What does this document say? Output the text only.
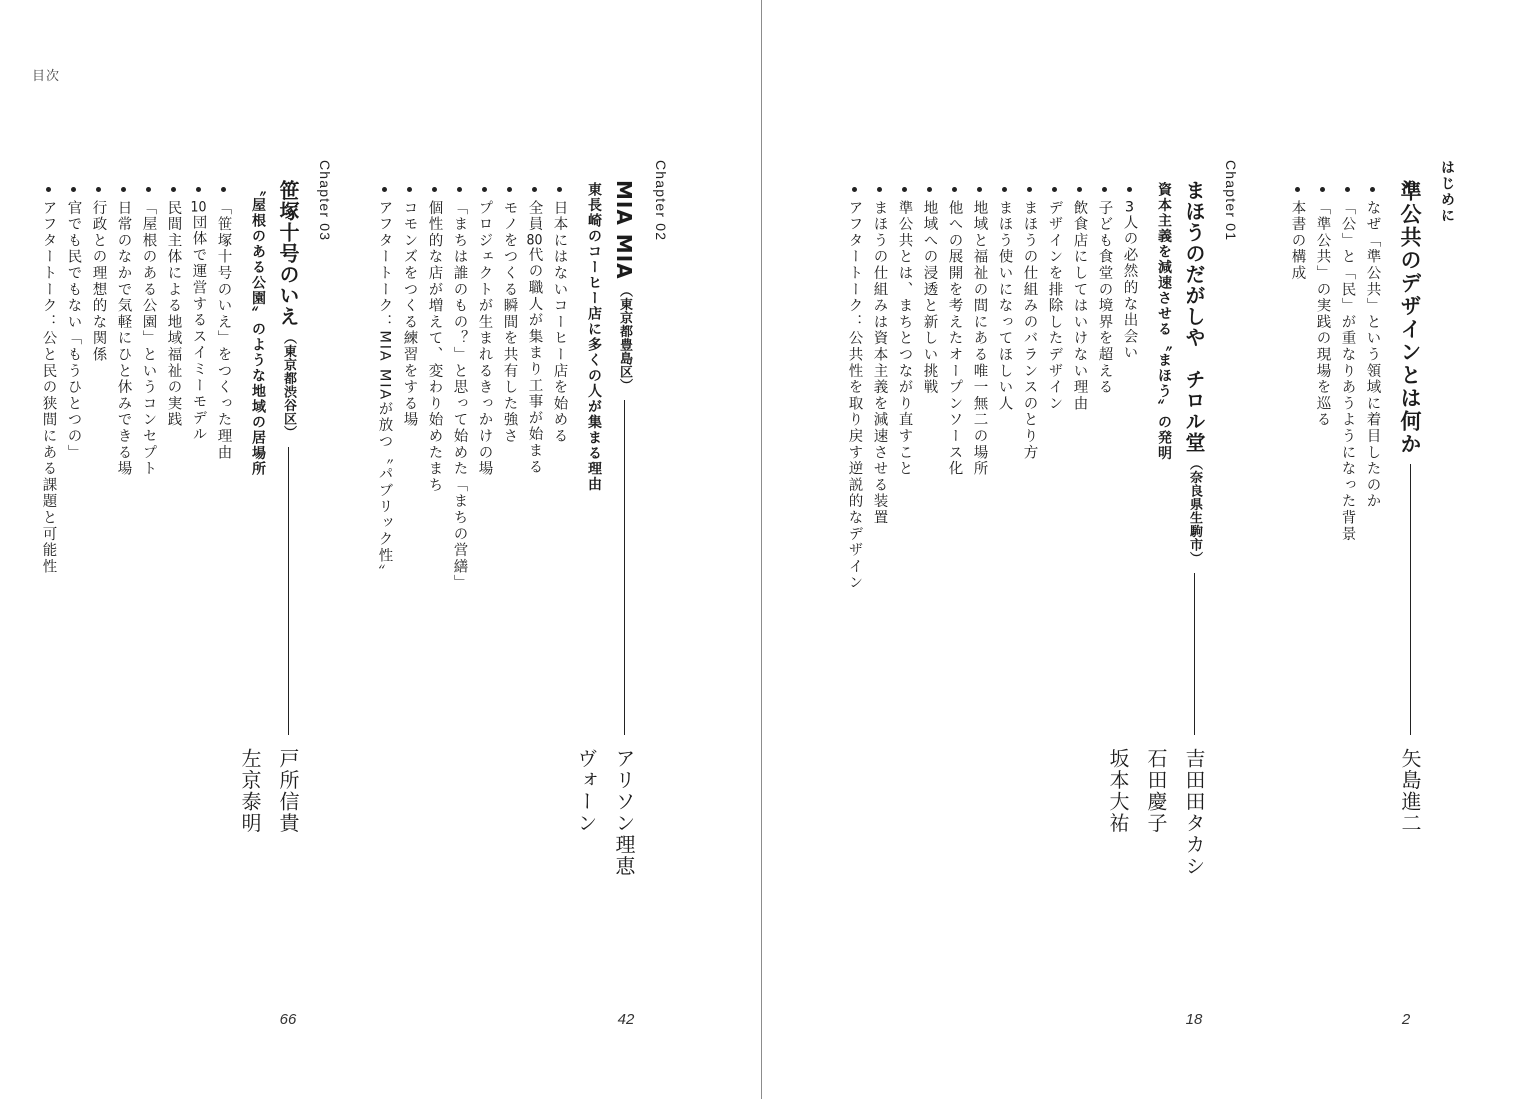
目次
はじめに
準公共のデザインとは何か
なぜ「準公共」という領域に着目したのか
「公」と「民」が重なりあうようになった背景
「準公共」の実践の現場を巡る
本書の構成
矢島進二
Chapter 01
まほうのだがしや　チロル堂
（奈良県生駒市）
資本主義を減速させる〝まほう〟の発明
3人の必然的な出会い
子ども食堂の境界を超える
飲食店にしてはいけない理由
デザインを排除したデザイン
まほうの仕組みのバランスのとり方
まほう使いになってほしい人
地域と福祉の間にある唯一無二の場所
他への展開を考えたオープンソース化
地域への浸透と新しい挑戦
準公共とは、まちとつながり直すこと
まほうの仕組みは資本主義を減速させる装置
アフタートーク：公共性を取り戻す逆説的なデザイン
吉田田タカシ
石田慶子
坂本大祐
Chapter 02
MIA MIA
（東京都豊島区）
東長崎のコーヒー店に多くの人が集まる理由
日本にはないコーヒー店を始める
全員80代の職人が集まり工事が始まる
モノをつくる瞬間を共有した強さ
プロジェクトが生まれるきっかけの場
「まちは誰のもの？」と思って始めた「まちの営繕」
個性的な店が増えて、変わり始めたまち
コモンズをつくる練習をする場
アフタートーク：MIA MIAが放つ〝パブリック性〟
アリソン理恵
ヴォーン
Chapter 03
笹塚十号のいえ
（東京都渋谷区）
〝屋根のある公園〟のような地域の居場所
「笹塚十号のいえ」をつくった理由
10団体で運営するスイミーモデル
民間主体による地域福祉の実践
「屋根のある公園」というコンセプト
日常のなかで気軽にひと休みできる場
行政との理想的な関係
官でも民でもない「もうひとつの」
アフタートーク：公と民の狭間にある課題と可能性
戸所信貴
左京泰明
2
18
42
66
